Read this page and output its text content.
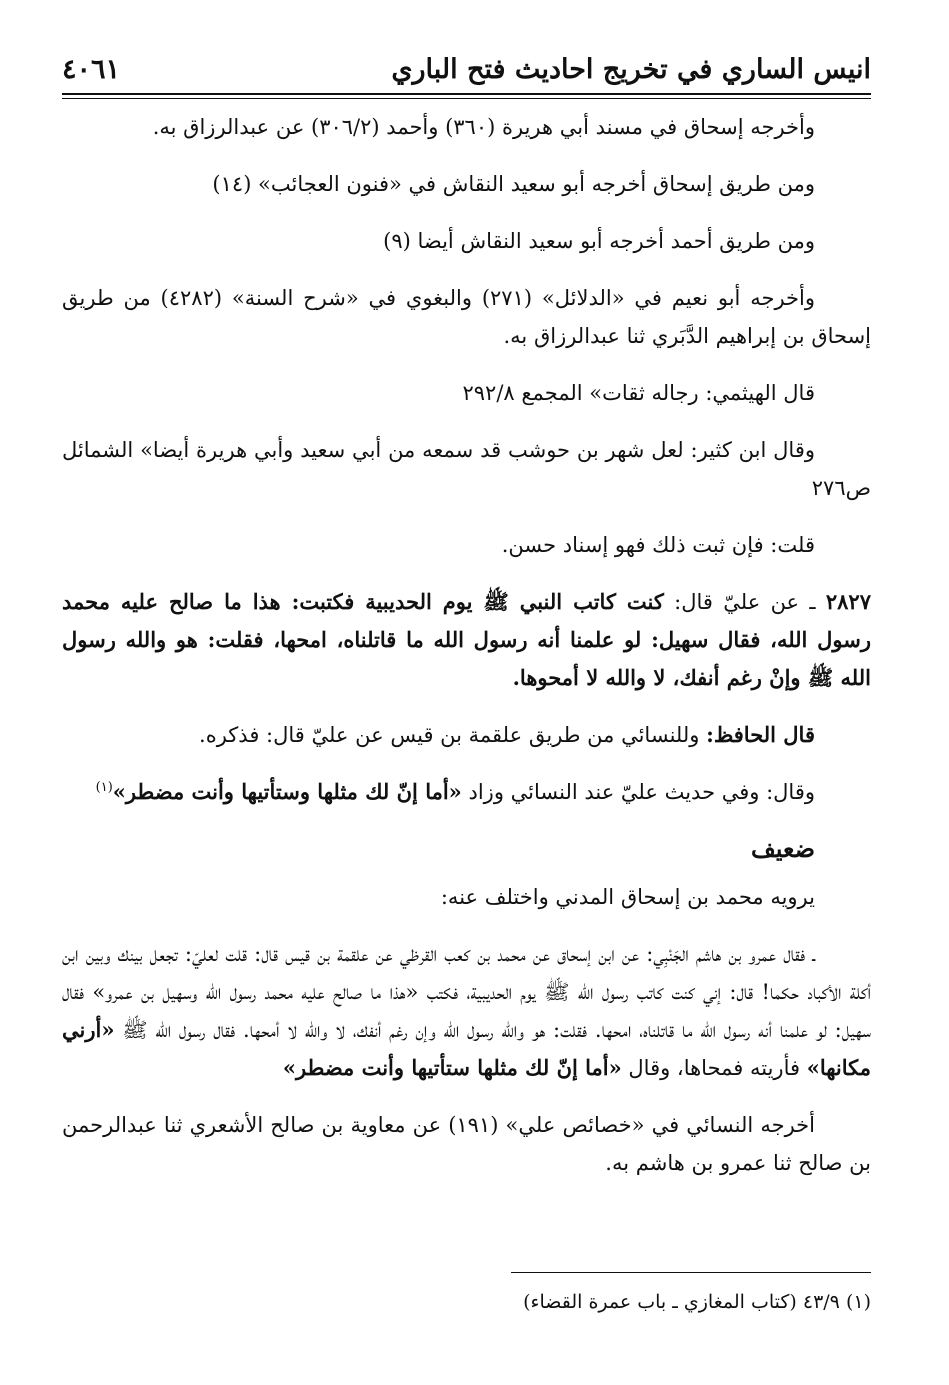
انيس الساري في تخريج احاديث فتح الباري
٤٠٦١

وأخرجه إسحاق في مسند أبي هريرة (٣٦٠) وأحمد (٣٠٦/٢) عن عبدالرزاق به.

ومن طريق إسحاق أخرجه أبو سعيد النقاش في «فنون العجائب» (١٤)

ومن طريق أحمد أخرجه أبو سعيد النقاش أيضا (٩)

وأخرجه أبو نعيم في «الدلائل» (٢٧١) والبغوي في «شرح السنة» (٤٢٨٢) من طريق إسحاق بن إبراهيم الدَّبَري ثنا عبدالرزاق به.

قال الهيثمي: رجاله ثقات» المجمع ٢٩٢/٨

وقال ابن كثير: لعل شهر بن حوشب قد سمعه من أبي سعيد وأبي هريرة أيضا» الشمائل ص٢٧٦

قلت: فإن ثبت ذلك فهو إسناد حسن.

٢٨٢٧ ـ عن عليّ قال: كنت كاتب النبي ﷺ يوم الحديبية فكتبت: هذا ما صالح عليه محمد رسول الله، فقال سهيل: لو علمنا أنه رسول الله ما قاتلناه، امحها، فقلت: هو والله رسول الله ﷺ وإنْ رغم أنفك، لا والله لا أمحوها.

قال الحافظ: وللنسائي من طريق علقمة بن قيس عن عليّ قال: فذكره.

وقال: وفي حديث عليّ عند النسائي وزاد «أما إنّ لك مثلها وستأتيها وأنت مضطر»$^{(١)}$

ضعيف

يرويه محمد بن إسحاق المدني واختلف عنه:

ـ فقال عمرو بن هاشم الجَنْبِي: عن ابن إسحاق عن محمد بن كعب القرظي عن علقمة بن قيس قال: قلت لعليّ: تجعل بينك وبين ابن أكلة الأكباد حكما! قال: إني كنت كاتب رسول الله ﷺ يوم الحديبية، فكتب «هذا ما صالح عليه محمد رسول الله وسهيل بن عمرو» فقال سهيل: لو علمنا أنه رسول الله ما قاتلناه، امحها. فقلت: هو والله رسول الله وإن رغم أنفك، لا والله لا أمحها. فقال رسول الله ﷺ «أرني مكانها» فأريته فمحاها، وقال «أما إنّ لك مثلها ستأتيها وأنت مضطر»

أخرجه النسائي في «خصائص علي» (١٩١) عن معاوية بن صالح الأشعري ثنا عبدالرحمن بن صالح ثنا عمرو بن هاشم به.

(١) ٤٣/٩ (كتاب المغازي ـ باب عمرة القضاء)
